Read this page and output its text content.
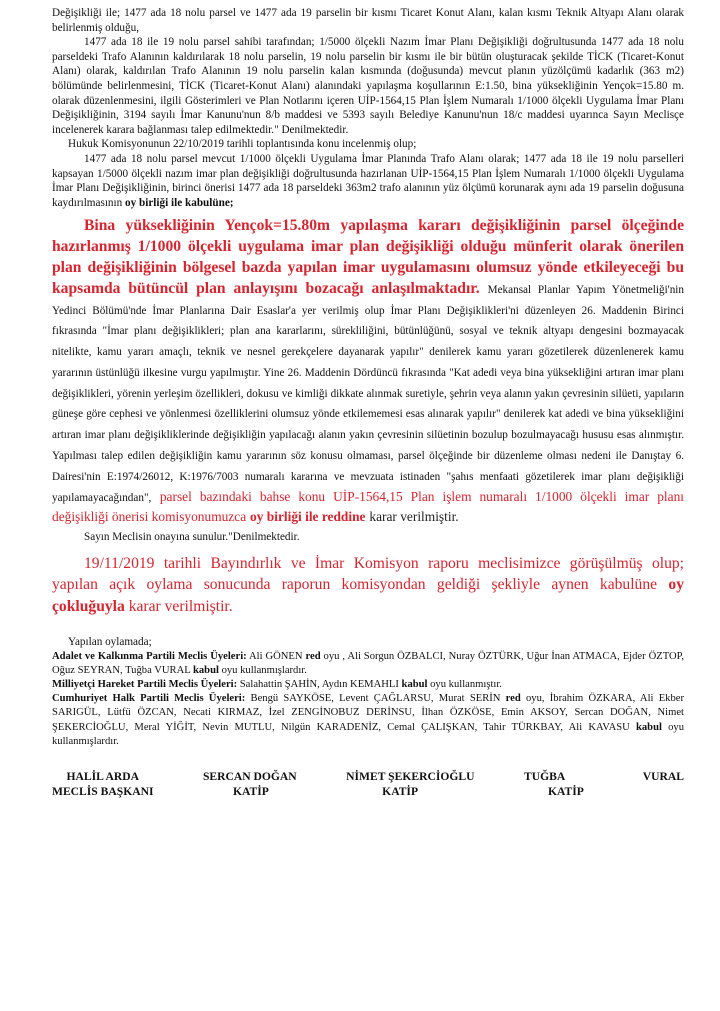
Değişikliği ile; 1477 ada 18 nolu parsel ve 1477 ada 19 parselin bir kısmı Ticaret Konut Alanı, kalan kısmı Teknik Altyapı Alanı olarak belirlenmiş olduğu,

1477 ada 18 ile 19 nolu parsel sahibi tarafından; 1/5000 ölçekli Nazım İmar Planı Değişikliği doğrultusunda 1477 ada 18 nolu parseldeki Trafo Alanının kaldırılarak 18 nolu parselin, 19 nolu parselin bir kısmı ile bir bütün oluşturacak şekilde TİCK (Ticaret-Konut Alanı) olarak, kaldırılan Trafo Alanının 19 nolu parselin kalan kısmında (doğusunda) mevcut planın yüzölçümü kadarlık (363 m2) bölümünde belirlenmesini, TİCK (Ticaret-Konut Alanı) alanındaki yapılaşma koşullarının E:1.50, bina yüksekliğinin Yençok=15.80 m. olarak düzenlenmesini, ilgili Gösterimleri ve Plan Notlarını içeren UİP-1564,15 Plan İşlem Numaralı 1/1000 ölçekli Uygulama İmar Planı Değişikliğinin, 3194 sayılı İmar Kanunu'nun 8/b maddesi ve 5393 sayılı Belediye Kanunu'nun 18/c maddesi uyarınca Sayın Meclisçe incelenerek karara bağlanması talep edilmektedir." Denilmektedir.

Hukuk Komisyonunun 22/10/2019 tarihli toplantısında konu incelenmiş olup;

1477 ada 18 nolu parsel mevcut 1/1000 ölçekli Uygulama İmar Planında Trafo Alanı olarak; 1477 ada 18 ile 19 nolu parselleri kapsayan 1/5000 ölçekli nazım imar plan değişikliği doğrultusunda hazırlanan UİP-1564,15 Plan İşlem Numaralı 1/1000 ölçekli Uygulama İmar Planı Değişikliğinin, birinci önerisi 1477 ada 18 parseldeki 363m2 trafo alanının yüz ölçümü korunarak aynı ada 19 parselin doğusuna kaydırılmasının oy birliği ile kabulüne;

Bina yüksekliğinin Yençok=15.80m yapılaşma kararı değişikliğinin parsel ölçeğinde hazırlanmış 1/1000 ölçekli uygulama imar plan değişikliği olduğu münferit olarak önerilen plan değişikliğinin bölgesel bazda yapılan imar uygulamasını olumsuz yönde etkileyeceği bu kapsamda bütüncül plan anlayışını bozacağı anlaşılmaktadır. Mekansal Planlar Yapım Yönetmeliği'nin Yedinci Bölümü'nde İmar Planlarına Dair Esaslar'a yer verilmiş olup İmar Planı Değişiklikleri'ni düzenleyen 26. Maddenin Birinci fıkrasında "İmar planı değişiklikleri; plan ana kararlarını, sürekliliğini, bütünlüğünü, sosyal ve teknik altyapı dengesini bozmayacak nitelikte, kamu yararı amaçlı, teknik ve nesnel gerekçelere dayanarak yapılır" denilerek kamu yararı gözetilerek düzenlenerek kamu yararının üstünlüğü ilkesine vurgu yapılmıştır. Yine 26. Maddenin Dördüncü fıkrasında "Kat adedi veya bina yüksekliğini artıran imar planı değişiklikleri, yörenin yerleşim özellikleri, dokusu ve kimliği dikkate alınmak suretiyle, şehrin veya alanın yakın çevresinin silüeti, yapıların güneşe göre cephesi ve yönlenmesi özelliklerini olumsuz yönde etkilememesi esas alınarak yapılır" denilerek kat adedi ve bina yüksekliğini artıran imar planı değişikliklerinde değişikliğin yapılacağı alanın yakın çevresinin silüetinin bozulup bozulmayacağı hususu esas alınmıştır. Yapılması talep edilen değişikliğin kamu yararının söz konusu olmaması, parsel ölçeğinde bir düzenleme olması nedeni ile Danıştay 6. Dairesi'nin E:1974/26012, K:1976/7003 numaralı kararına ve mevzuata istinaden "şahıs menfaati gözetilerek imar planı değişikliği yapılamayacağından", parsel bazındaki bahse konu UİP-1564,15 Plan işlem numaralı 1/1000 ölçekli imar planı değişikliği önerisi komisyonumuzca oy birliği ile reddine karar verilmiştir.

Sayın Meclisin onayına sunulur."Denilmektedir.

19/11/2019 tarihli Bayındırlık ve İmar Komisyon raporu meclisimizce görüşülmüş olup; yapılan açık oylama sonucunda raporun komisyondan geldiği şekliyle aynen kabulüne oy çokluğuyla karar verilmiştir.

Yapılan oylamada;

Adalet ve Kalkınma Partili Meclis Üyeleri: Ali GÖNEN red oyu , Ali Sorgun ÖZBALCI, Nuray ÖZTÜRK, Uğur İnan ATMACA, Ejder ÖZTOP, Oğuz SEYRAN, Tuğba VURAL kabul oyu kullanmışlardır.

Milliyetçi Hareket Partili Meclis Üyeleri: Salahattin ŞAHİN, Aydın KEMAHLI kabul oyu kullanmıştır.

Cumhuriyet Halk Partili Meclis Üyeleri: Bengü SAYKÖSE, Levent ÇAĞLARSU, Murat SERİN red oyu, İbrahim ÖZKARA, Ali Ekber SARIGÜL, Lütfü ÖZCAN, Necati KIRMAZ, İzel ZENGİNOBUZ DERİNSU, İlhan ÖZKÖSE, Emin AKSOY, Sercan DOĞAN, Nimet ŞEKERCİOĞLU, Meral YİĞİT, Nevin MUTLU, Nilgün KARADENİZ, Cemal ÇALIŞKAN, Tahir TÜRKBAY, Ali KAVASU kabul oyu kullanmışlardır.

HALİL ARDA
MECLİS BAŞKANI
SERCAN DOĞAN
KATİP
NİMET ŞEKERCİOĞLU
KATİP
TUĞBA	VURAL
KATİP
